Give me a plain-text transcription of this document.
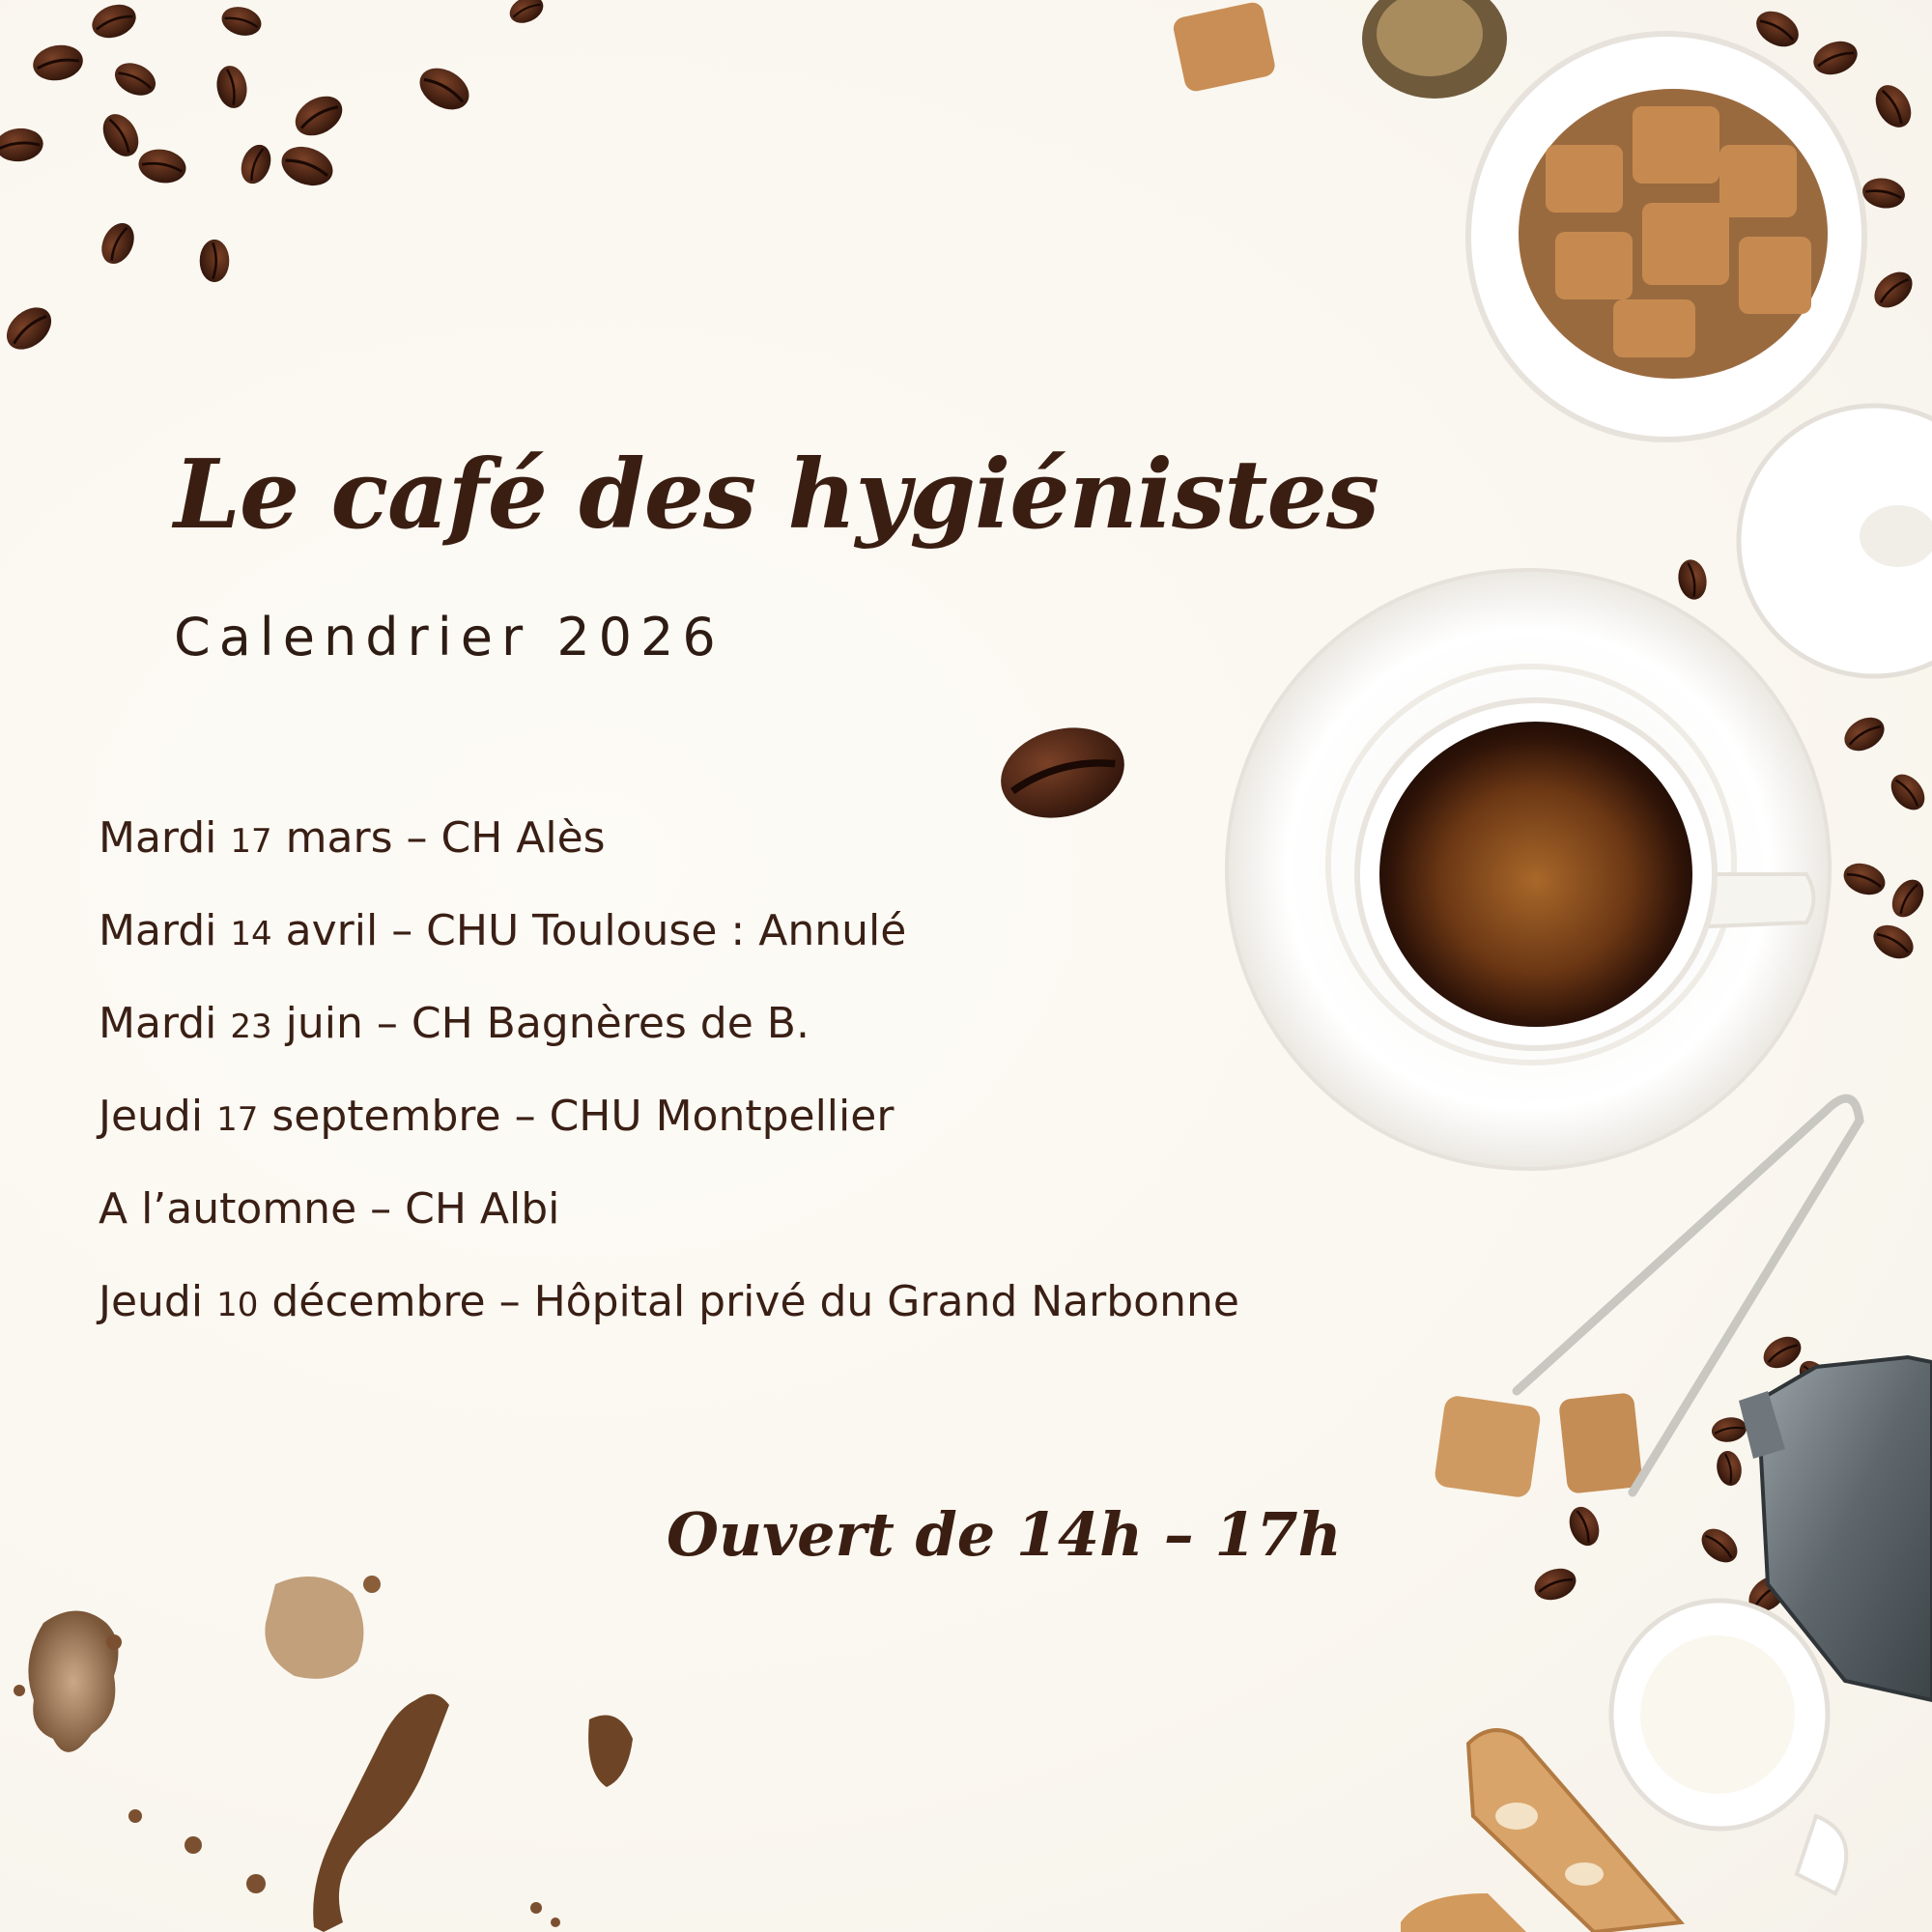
Le café des hygiénistes
Calendrier 2026
Mardi 17 mars – CH Alès
Mardi 14 avril – CHU Toulouse : Annulé
Mardi 23 juin – CH Bagnères de B.
Jeudi 17 septembre – CHU Montpellier
A l’automne – CH Albi
Jeudi 10 décembre – Hôpital privé du Grand Narbonne
Ouvert de 14h – 17h
